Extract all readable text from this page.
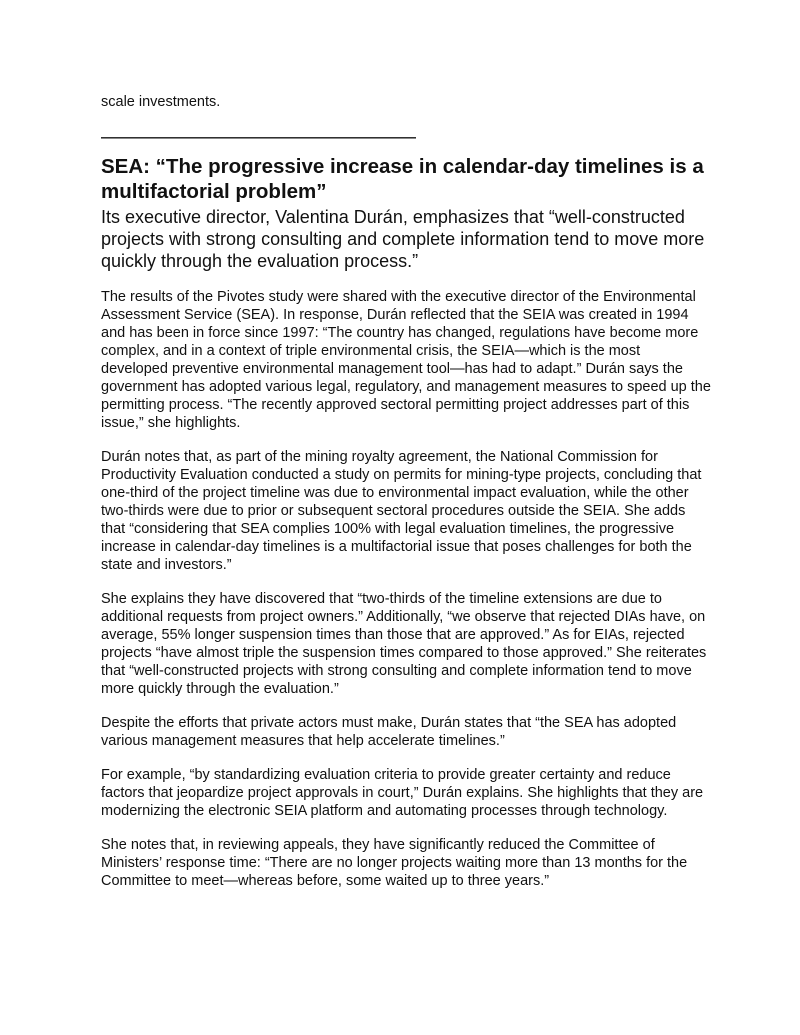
scale investments.

———————————————

SEA: “The progressive increase in calendar-day timelines is a multifactorial problem”

Its executive director, Valentina Durán, emphasizes that “well-constructed projects with strong consulting and complete information tend to move more quickly through the evaluation process.”

The results of the Pivotes study were shared with the executive director of the Environmental Assessment Service (SEA). In response, Durán reflected that the SEIA was created in 1994 and has been in force since 1997: “The country has changed, regulations have become more complex, and in a context of triple environmental crisis, the SEIA—which is the most developed preventive environmental management tool—has had to adapt.” Durán says the government has adopted various legal, regulatory, and management measures to speed up the permitting process. “The recently approved sectoral permitting project addresses part of this issue,” she highlights.

Durán notes that, as part of the mining royalty agreement, the National Commission for Productivity Evaluation conducted a study on permits for mining-type projects, concluding that one-third of the project timeline was due to environmental impact evaluation, while the other two-thirds were due to prior or subsequent sectoral procedures outside the SEIA. She adds that “considering that SEA complies 100% with legal evaluation timelines, the progressive increase in calendar-day timelines is a multifactorial issue that poses challenges for both the state and investors.”

She explains they have discovered that “two-thirds of the timeline extensions are due to additional requests from project owners.” Additionally, “we observe that rejected DIAs have, on average, 55% longer suspension times than those that are approved.” As for EIAs, rejected projects “have almost triple the suspension times compared to those approved.” She reiterates that “well-constructed projects with strong consulting and complete information tend to move more quickly through the evaluation.”

Despite the efforts that private actors must make, Durán states that “the SEA has adopted various management measures that help accelerate timelines.”

For example, “by standardizing evaluation criteria to provide greater certainty and reduce factors that jeopardize project approvals in court,” Durán explains. She highlights that they are modernizing the electronic SEIA platform and automating processes through technology.

She notes that, in reviewing appeals, they have significantly reduced the Committee of Ministers’ response time: “There are no longer projects waiting more than 13 months for the Committee to meet—whereas before, some waited up to three years.”
